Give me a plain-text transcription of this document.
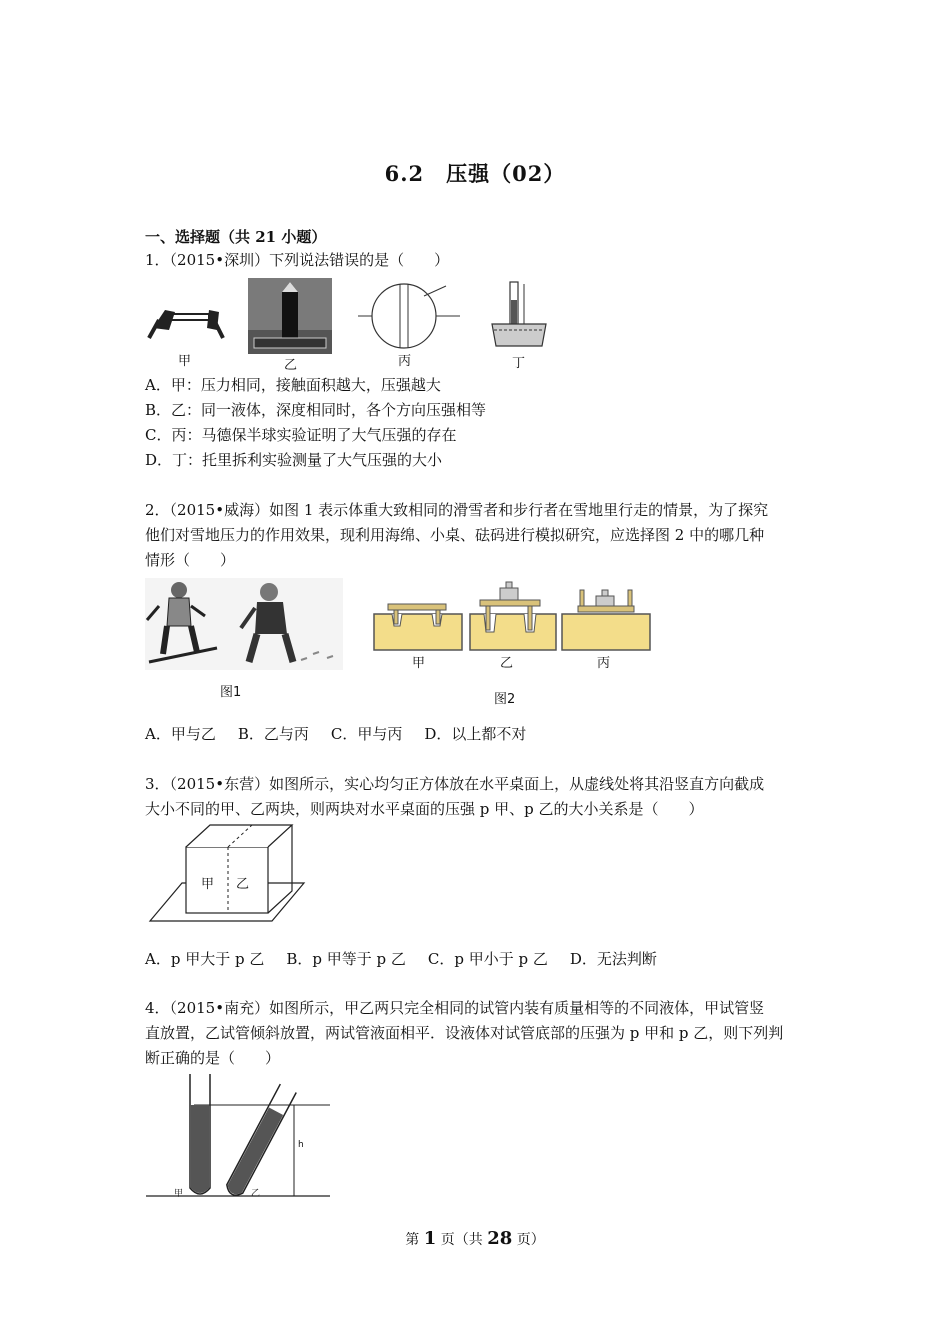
6.2　压强（02）
一、选择题（共 21 小题）
1．（2015•深圳）下列说法错误的是（　　）
甲	乙	丙	丁
A．甲：压力相同，接触面积越大，压强越大
B．乙：同一液体，深度相同时，各个方向压强相等
C．丙：马德保半球实验证明了大气压强的存在
D．丁：托里拆利实验测量了大气压强的大小
2．（2015•威海）如图 1 表示体重大致相同的滑雪者和步行者在雪地里行走的情景，为了探究
他们对雪地压力的作用效果，现利用海绵、小桌、砝码进行模拟研究，应选择图 2 中的哪几种
情形（　　）
图1
甲	乙	丙
图2
A．甲与乙 B．乙与丙 C．甲与丙 D．以上都不对
3．（2015•东营）如图所示，实心均匀正方体放在水平桌面上，从虚线处将其沿竖直方向截成
大小不同的甲、乙两块，则两块对水平桌面的压强 p 甲、p 乙的大小关系是（　　）
甲 乙
A．p 甲大于 p 乙 B．p 甲等于 p 乙 C．p 甲小于 p 乙 D．无法判断
4．（2015•南充）如图所示，甲乙两只完全相同的试管内装有质量相等的不同液体，甲试管竖
直放置，乙试管倾斜放置，两试管液面相平．设液体对试管底部的压强为 p 甲和 p 乙，则下列判
断正确的是（　　）
甲	乙
h
第 1 页（共 28 页）
